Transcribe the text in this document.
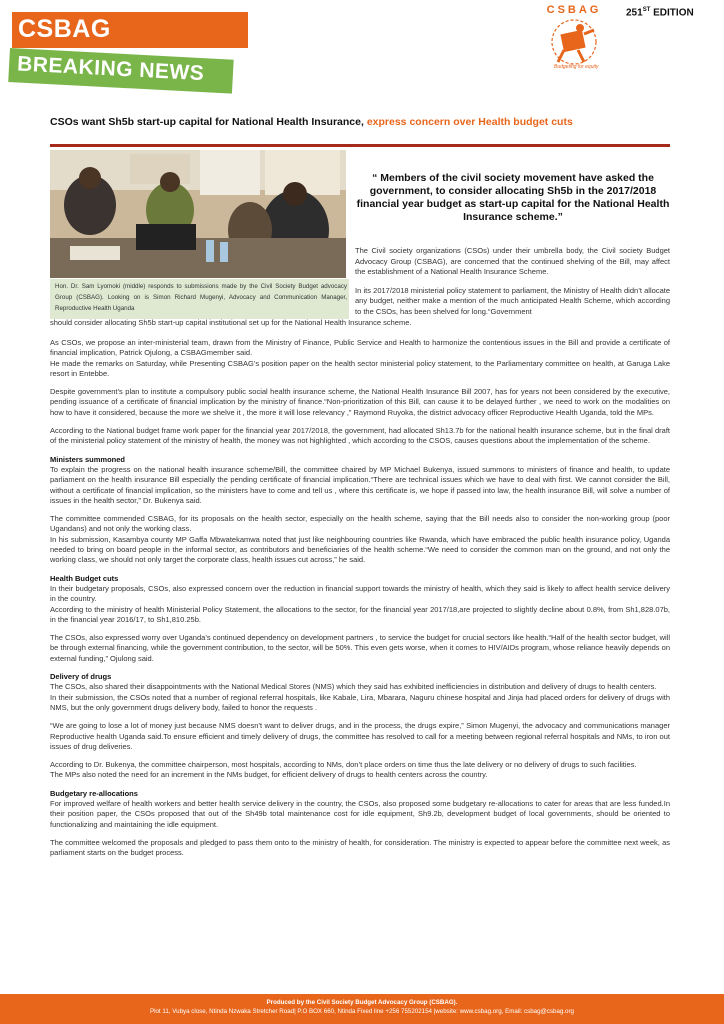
CSBAG
BREAKING NEWS
CSBAG
Budgeting for equity
251ST EDITION
CSOs want Sh5b start-up capital for National Health Insurance, express concern over Health budget cuts
Hon. Dr. Sam Lyomoki (middle) responds to submissions made by the Civil Society Budget advocacy Group (CSBAG). Looking on is Simon Richard Mugenyi, Advocacy and Communication Manager, Reproductive Health Uganda
“ Members of the civil society movement have asked the government, to consider allocating Sh5b in the 2017/2018 financial year budget as start-up capital for the National Health Insurance scheme.”

The Civil society organizations (CSOs) under their umbrella body, the Civil society Budget Advocacy Group (CSBAG), are concerned that the continued shelving of the Bill, may affect the establishment of a National Health Insurance Scheme.

In its 2017/2018 ministerial policy statement to parliament, the Ministry of Health didn’t allocate any budget, neither make a mention of the much anticipated Health Scheme, which according to the CSOs, has been shelved for long.“Government

should consider allocating Sh5b start-up capital institutional set up for the National Health Insurance scheme.

As CSOs, we propose an inter-ministerial team, drawn from the Ministry of Finance, Public Service and Health to harmonize the contentious issues in the Bill and provide a certificate of financial implication, Patrick Ojulong, a CSBAGmember said.

He made the remarks on Saturday, while Presenting CSBAG’s position paper on the health sector ministerial policy statement, to the Parliamentary committee on health, at Garuga Lake resort in Entebbe.

Despite government’s plan to institute a compulsory public social health insurance scheme, the National Health Insurance Bill 2007, has for years not been considered by the executive, pending issuance of a certificate of financial implication by the ministry of finance.“Non-prioritization of this Bill, can cause it to be delayed further , we need to work on the modalities on how to have it considered, because the more we shelve it , the more it will lose relevancy ,” Raymond Ruyoka, the district advocacy officer Reproductive Health Uganda, told the MPs.

According to the National budget frame work paper for the financial year 2017/2018, the government, had allocated Sh13.7b for the national health insurance scheme, but in the final draft of the ministerial policy statement of the ministry of health, the money was not highlighted , which according to the CSOS, causes questions about the implementation of the scheme.

Ministers summoned

To explain the progress on the national health insurance scheme/Bill, the committee chaired by MP Michael Bukenya, issued summons to ministers of finance and health, to update parliament on the health insurance Bill especially the pending certificate of financial implication.“There are technical issues which we have to deal with first. We cannot consider the Bill, without a certificate of financial implication, so the ministers have to come and tell us , where this certificate is, we hope if passed into law, the health insurance Bill, will solve a number of issues in the health sector,” Dr. Bukenya said.

The committee commended CSBAG, for its proposals on the health sector, especially on the health scheme, saying that the Bill needs also to consider the non-working group (poor Ugandans) and not only the working class.

In his submission, Kasambya county MP Gaffa Mbwatekamwa noted that just like neighbouring countries like Rwanda, which have embraced the public health insurance policy, Uganda needed to bring on board people in the informal sector, as contributors and beneficiaries of the health scheme.“We need to consider the common man on the ground, and not only the working class, we should not only target the corporate class, health issues cut across,” he said.

Health Budget cuts

In their budgetary proposals, CSOs, also expressed concern over the reduction in financial support towards the ministry of health, which they said is likely to affect health service delivery in the country.

According to the ministry of health Ministerial Policy Statement, the allocations to the sector, for the financial year 2017/18,are projected to slightly decline about 0.8%, from Sh1,828.07b, in the financial year 2016/17, to Sh1,810.25b.

The CSOs, also expressed worry over Uganda’s continued dependency on development partners , to service the budget for crucial sectors like health.“Half of the health sector budget, will be through external financing, while the government contribution, to the sector, will be 50%. This even gets worse, when it comes to HIV/AIDs program, whose reliance heavily depends on external funding,” Ojulong said.

Delivery of drugs

The CSOs, also shared their disappointments with the National Medical Stores (NMS) which they said has exhibited inefficiencies in distribution and delivery of drugs to health centers.

In their submission, the CSOs noted that a number of regional referral hospitals, like Kabale, Lira, Mbarara, Naguru chinese hospital and Jinja had placed orders for delivery of drugs with NMS, but the only government drugs delivery body, failed to honor the requests .

“We are going to lose a lot of money just because NMS doesn’t want to deliver drugs, and in the process, the drugs expire,” Simon Mugenyi, the advocacy and communications manager Reproductive health Uganda said.To ensure efficient and timely delivery of drugs, the committee has resolved to call for a meeting between regional referral hospitals and NMs, to iron out issues of drug deliveries.

According to Dr. Bukenya, the committee chairperson, most hospitals, according to NMs, don’t place orders on time thus the late delivery or no delivery of drugs to such facilities.

The MPs also noted the need for an increment in the NMs budget, for efficient delivery of drugs to health centers across the country.

Budgetary re-allocations

For improved welfare of health workers and better health service delivery in the country, the CSOs, also proposed some budgetary re-allocations to cater for areas that are less funded.In their position paper, the CSOs proposed that out of the Sh49b total maintenance cost for idle equipment, Sh9.2b, development budget of local governments, should be oriented to functionalizing and maintaining the idle equipment.

The committee welcomed the proposals and pledged to pass them onto to the ministry of health, for consideration. The ministry is expected to appear before the committee next week, as parliament starts on the budget process.

Produced by the Civil Society Budget Advocacy Group (CSBAG).
Plot 11, Vubya close, Ntinda Nzwaka Stretcher Road| P.O BOX 660, Ntinda Fixed line +256 755202154 |website: www.csbag.org, Email: csbag@csbag.org
